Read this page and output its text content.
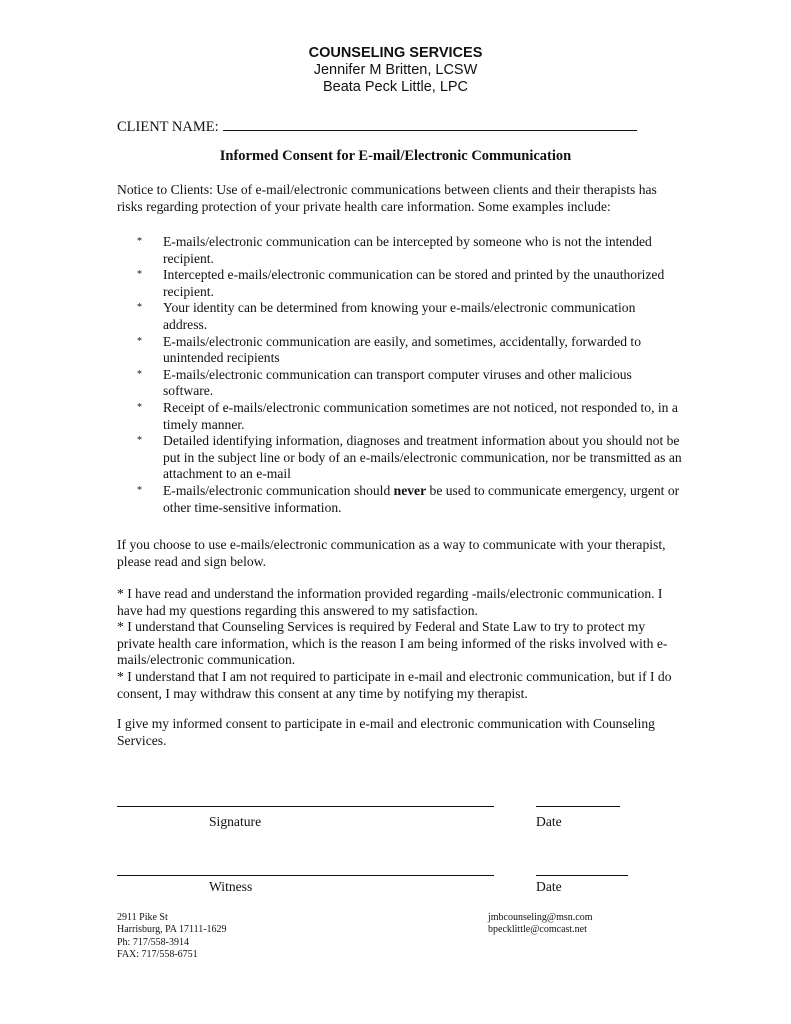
COUNSELING SERVICES
Jennifer M Britten, LCSW
Beata Peck Little, LPC
CLIENT NAME:
Informed Consent for E-mail/Electronic Communication
Notice to Clients: Use of e-mail/electronic communications between clients and their therapists has risks regarding protection of your private health care information. Some examples include:
* E-mails/electronic communication can be intercepted by someone who is not the intended recipient.
* Intercepted e-mails/electronic communication can be stored and printed by the unauthorized recipient.
* Your identity can be determined from knowing your e-mails/electronic communication address.
* E-mails/electronic communication are easily, and sometimes, accidentally, forwarded to unintended recipients
* E-mails/electronic communication can transport computer viruses and other malicious software.
* Receipt of e-mails/electronic communication sometimes are not noticed, not responded to, in a timely manner.
* Detailed identifying information, diagnoses and treatment information about you should not be put in the subject line or body of an e-mails/electronic communication, nor be transmitted as an attachment to an e-mail
* E-mails/electronic communication should never be used to communicate emergency, urgent or other time-sensitive information.
If you choose to use e-mails/electronic communication as a way to communicate with your therapist, please read and sign below.

* I have read and understand the information provided regarding -mails/electronic communication. I have had my questions regarding this answered to my satisfaction.

* I understand that Counseling Services is required by Federal and State Law to try to protect my private health care information, which is the reason I am being informed of the risks involved with e-mails/electronic communication.

* I understand that I am not required to participate in e-mail and electronic communication, but if I do consent, I may withdraw this consent at any time by notifying my therapist.

I give my informed consent to participate in e-mail and electronic communication with Counseling Services.
Signature	Date
Witness	Date
2911 Pike St
Harrisburg, PA 17111-1629
Ph: 717/558-3914
FAX: 717/558-6751
jmbcounseling@msn.com
bpecklittle@comcast.net
